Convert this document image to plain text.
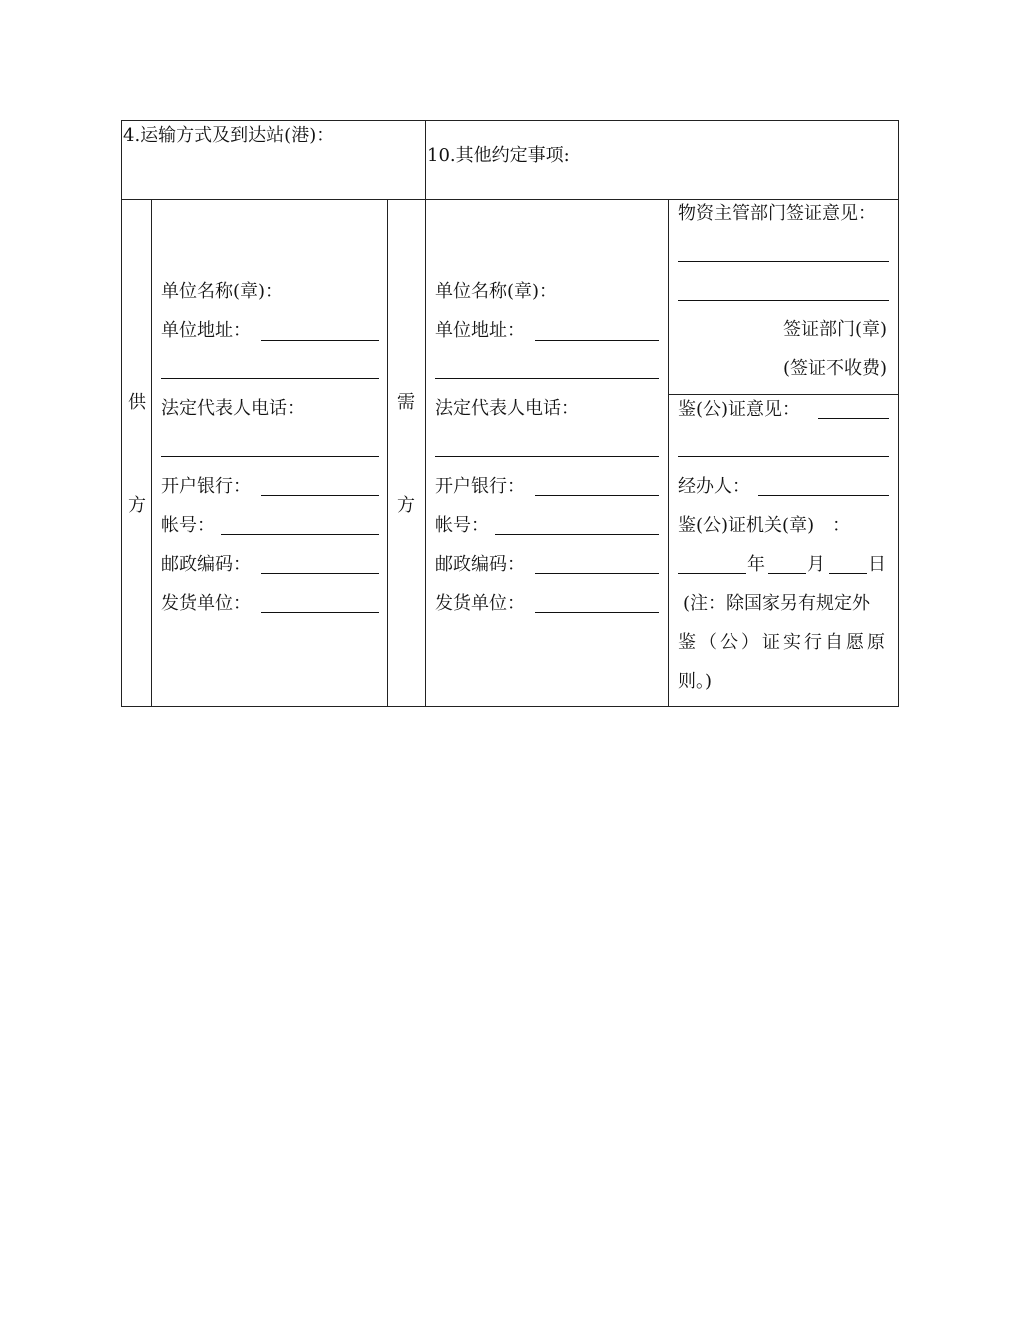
4.运输方式及到达站(港)：
10.其他约定事项:
供
方
单位名称(章)：
单位地址：
法定代表人电话：
开户银行：
帐号：
邮政编码：
发货单位：
需
方
单位名称(章)：
单位地址：
法定代表人电话：
开户银行：
帐号：
邮政编码：
发货单位：
物资主管部门签证意见：
签证部门(章)
(签证不收费)
鉴(公)证意见：
经办人：
鉴(公)证机关(章)　：
年 月 日
(注：除国家另有规定外
鉴（公）证实行自愿原
则。)
